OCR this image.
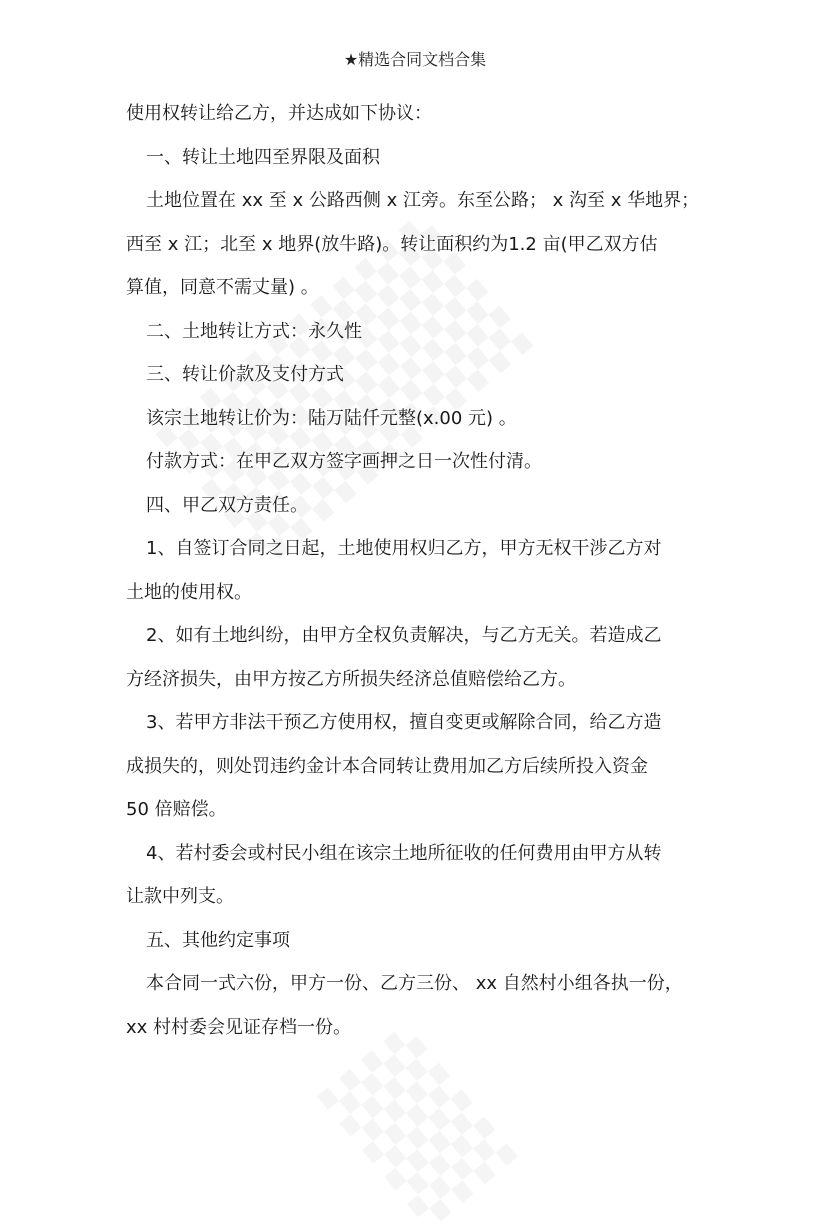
★精选合同文档合集

使用权转让给乙方，并达成如下协议：

一、转让土地四至界限及面积

土地位置在 xx 至 x 公路西侧 x 江旁。东至公路； x 沟至 x 华地界；

西至 x 江；北至 x 地界(放牛路)。转让面积约为1.2 亩(甲乙双方估

算值，同意不需丈量) 。

二、土地转让方式：永久性

三、转让价款及支付方式

该宗土地转让价为：陆万陆仟元整(x.00 元) 。

付款方式：在甲乙双方签字画押之日一次性付清。

四、甲乙双方责任。

1、自签订合同之日起，土地使用权归乙方，甲方无权干涉乙方对

土地的使用权。

2、如有土地纠纷，由甲方全权负责解决，与乙方无关。若造成乙

方经济损失，由甲方按乙方所损失经济总值赔偿给乙方。

3、若甲方非法干预乙方使用权，擅自变更或解除合同，给乙方造

成损失的，则处罚违约金计本合同转让费用加乙方后续所投入资金

50 倍赔偿。

4、若村委会或村民小组在该宗土地所征收的任何费用由甲方从转

让款中列支。

五、其他约定事项

本合同一式六份，甲方一份、乙方三份、 xx 自然村小组各执一份，

xx 村村委会见证存档一份。
